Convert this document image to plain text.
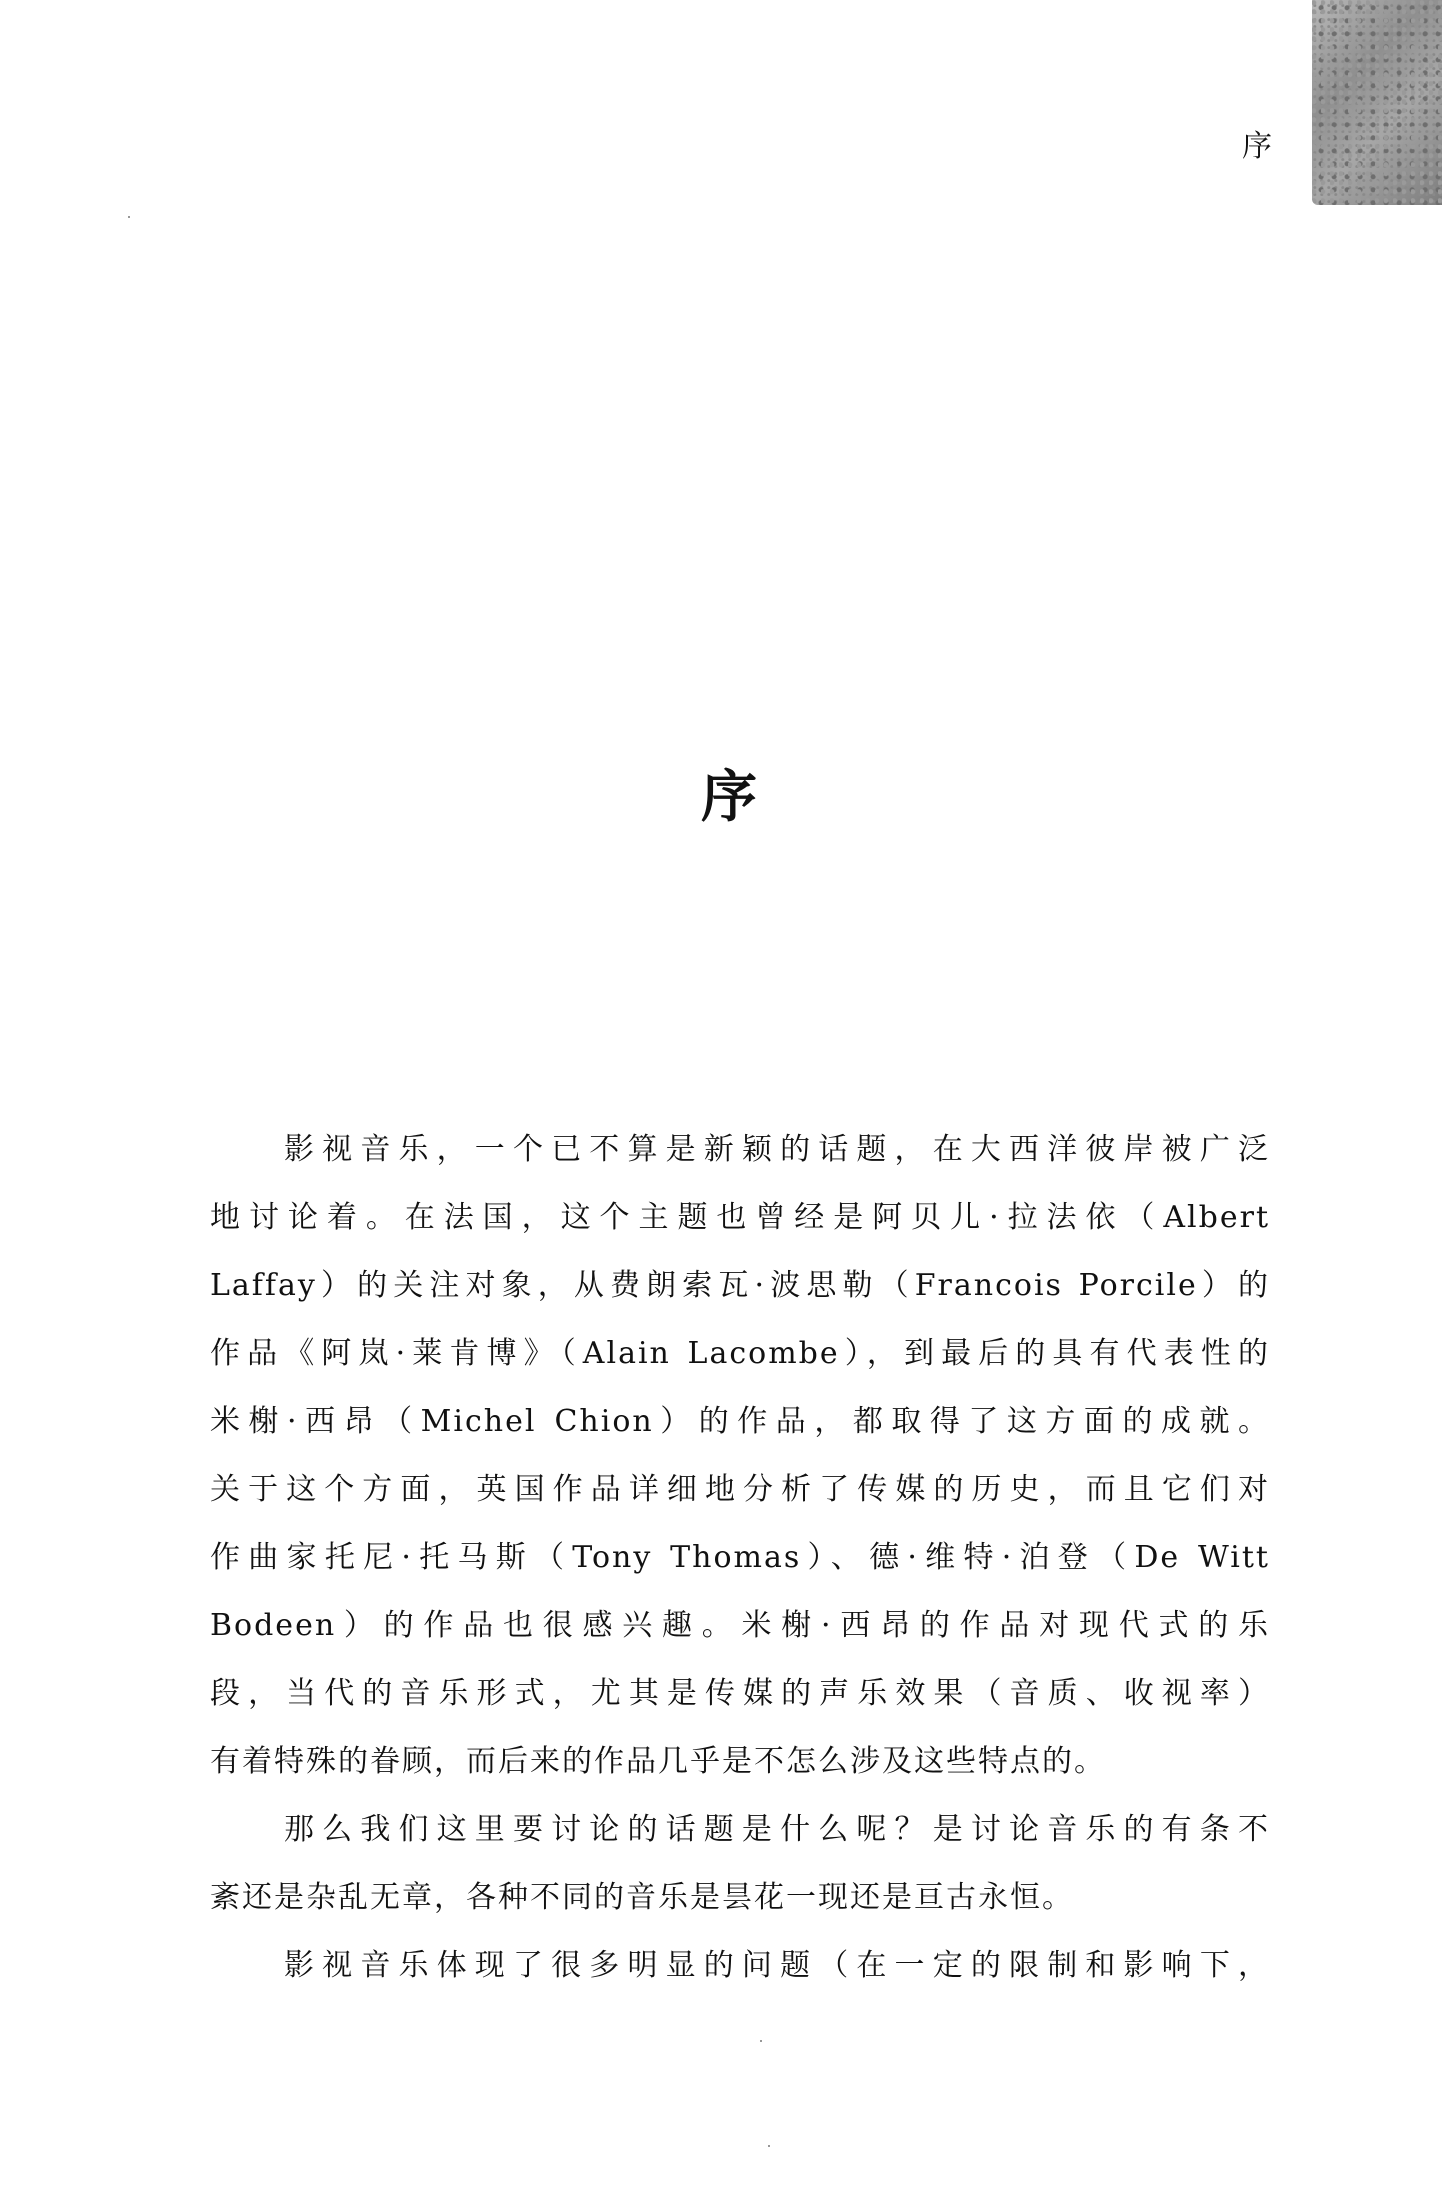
序
序
影视音乐，一个已不算是新颖的话题，在大西洋彼岸被广泛
地讨论着。在法国，这个主题也曾经是阿贝儿·拉法依（Albert
Laffay）的关注对象，从费朗索瓦·波思勒（Francois Porcile）的
作品《阿岚·莱肯博》（Alain Lacombe），到最后的具有代表性的
米榭·西昂（Michel Chion）的作品，都取得了这方面的成就。
关于这个方面，英国作品详细地分析了传媒的历史，而且它们对
作曲家托尼·托马斯（Tony Thomas）、德·维特·泊登（De Witt
Bodeen）的作品也很感兴趣。米榭·西昂的作品对现代式的乐
段，当代的音乐形式，尤其是传媒的声乐效果（音质、收视率）
有着特殊的眷顾，而后来的作品几乎是不怎么涉及这些特点的。
那么我们这里要讨论的话题是什么呢？是讨论音乐的有条不
紊还是杂乱无章，各种不同的音乐是昙花一现还是亘古永恒。
影视音乐体现了很多明显的问题（在一定的限制和影响下，
